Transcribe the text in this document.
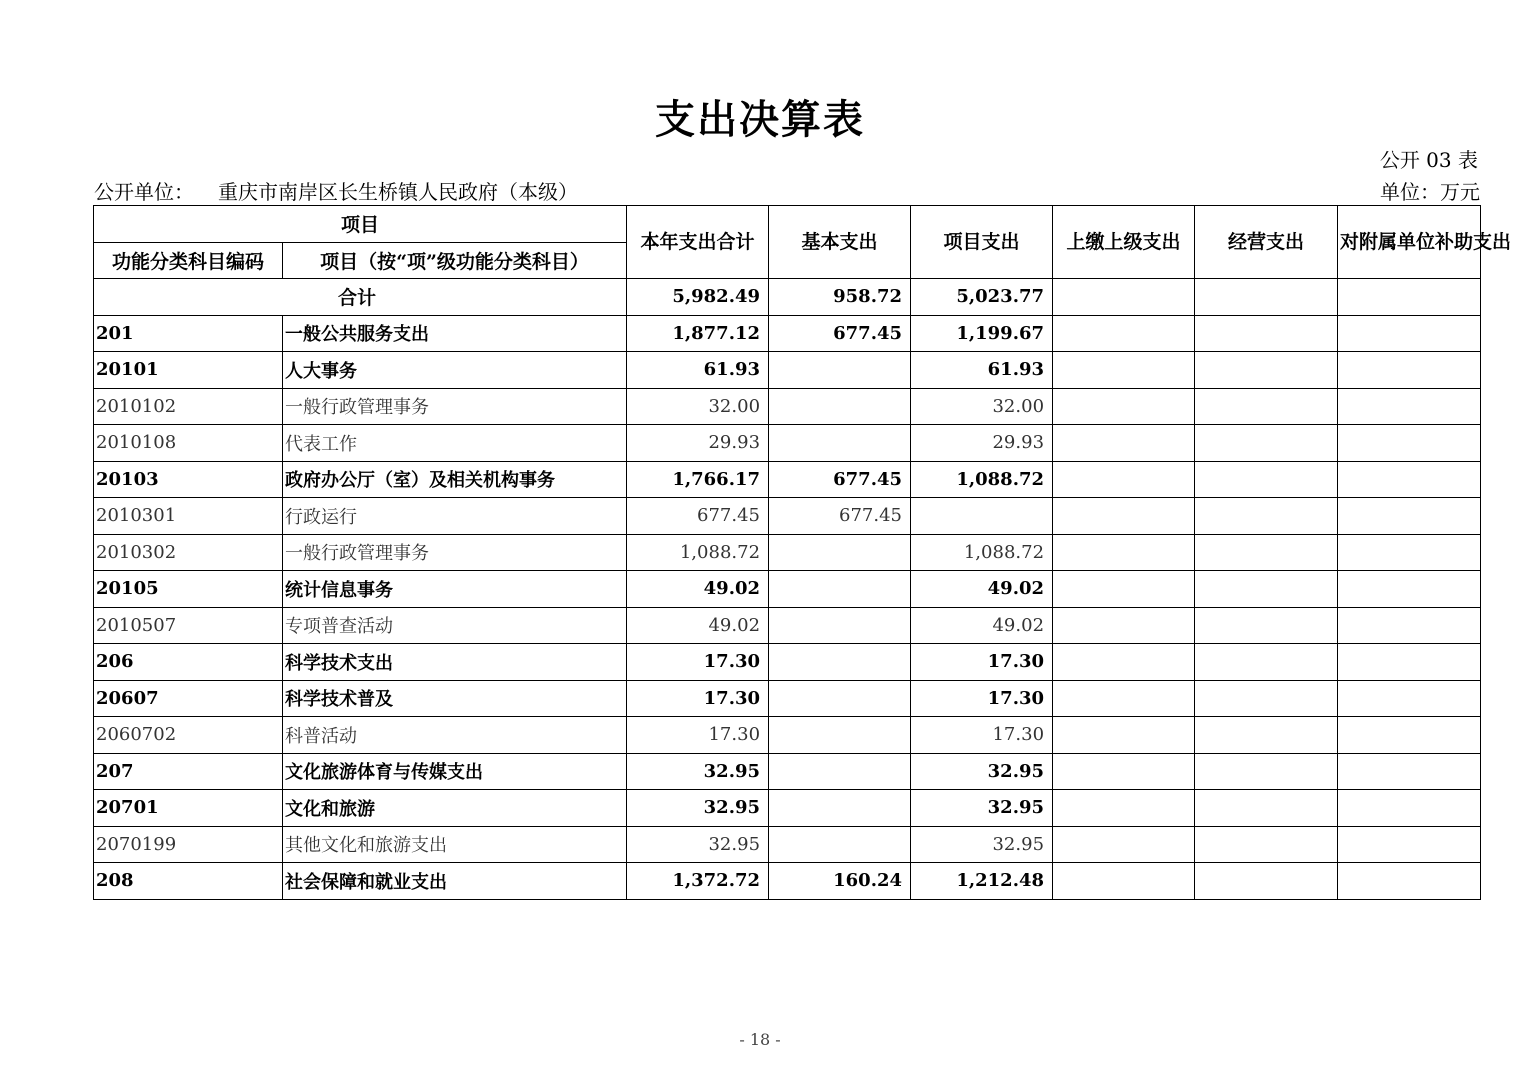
支出决算表
公开 03 表
公开单位： 重庆市南岸区长生桥镇人民政府（本级）	单位：万元
项目		本年支出合计	基本支出	项目支出	上缴上级支出	经营支出	对附属单位补助支出
功能分类科目编码	项目（按“项”级功能分类科目）						
合计		5,982.49	958.72	5,023.77			
201	一般公共服务支出	1,877.12	677.45	1,199.67			
20101	人大事务	61.93		61.93			
2010102	一般行政管理事务	32.00		32.00			
2010108	代表工作	29.93		29.93			
20103	政府办公厅（室）及相关机构事务	1,766.17	677.45	1,088.72			
2010301	行政运行	677.45	677.45				
2010302	一般行政管理事务	1,088.72		1,088.72			
20105	统计信息事务	49.02		49.02			
2010507	专项普查活动	49.02		49.02			
206	科学技术支出	17.30		17.30			
20607	科学技术普及	17.30		17.30			
2060702	科普活动	17.30		17.30			
207	文化旅游体育与传媒支出	32.95		32.95			
20701	文化和旅游	32.95		32.95			
2070199	其他文化和旅游支出	32.95		32.95			
208	社会保障和就业支出	1,372.72	160.24	1,212.48			
- 18 -
